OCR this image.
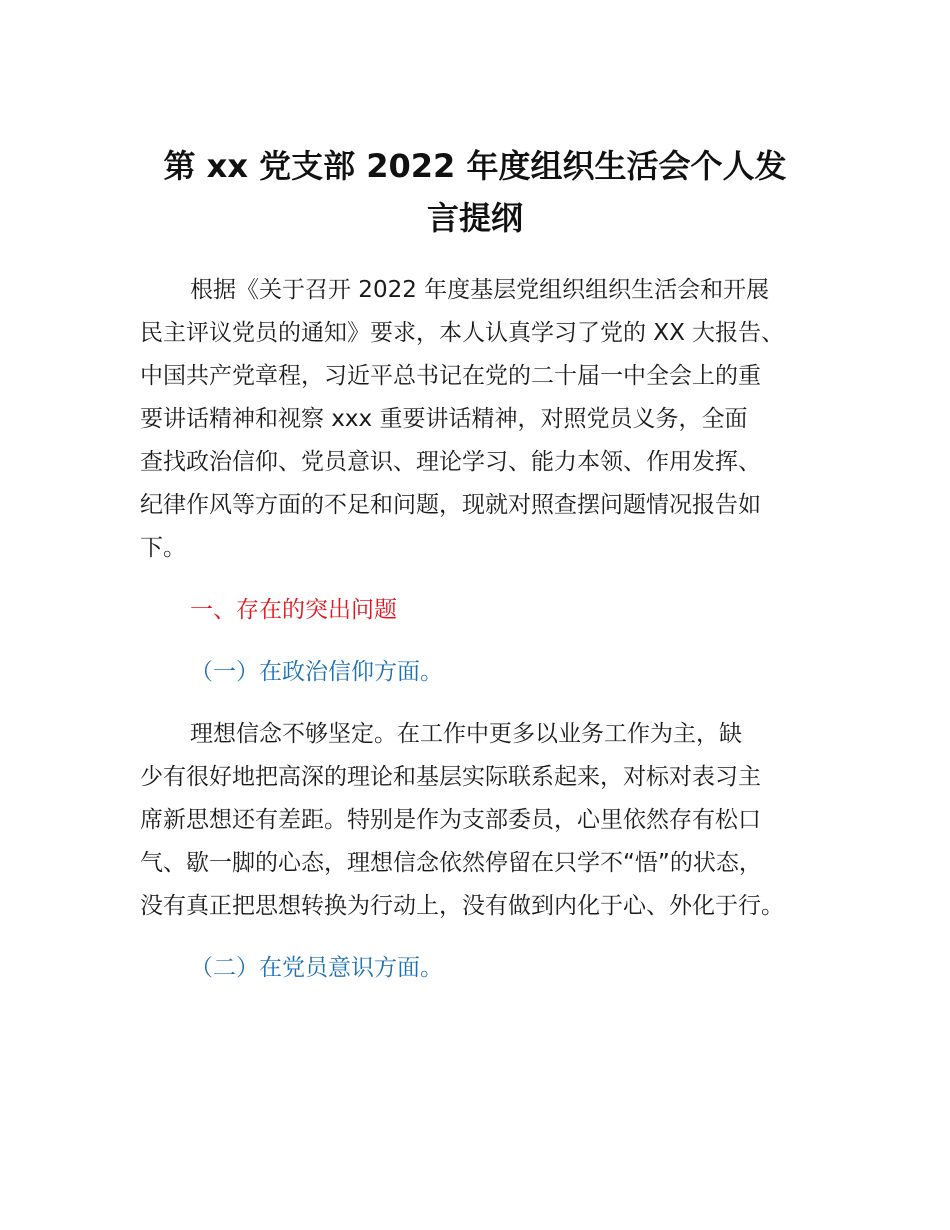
第 xx 党支部 2022 年度组织生活会个人发
言提纲
根据《关于召开 2022 年度基层党组织组织生活会和开展
民主评议党员的通知》要求，本人认真学习了党的 XX 大报告、
中国共产党章程，习近平总书记在党的二十届一中全会上的重
要讲话精神和视察 xxx 重要讲话精神，对照党员义务，全面
查找政治信仰、党员意识、理论学习、能力本领、作用发挥、
纪律作风等方面的不足和问题，现就对照查摆问题情况报告如
下。
一、存在的突出问题
（一）在政治信仰方面。
理想信念不够坚定。在工作中更多以业务工作为主，缺
少有很好地把高深的理论和基层实际联系起来，对标对表习主
席新思想还有差距。特别是作为支部委员，心里依然存有松口
气、歇一脚的心态，理想信念依然停留在只学不“悟”的状态，
没有真正把思想转换为行动上，没有做到内化于心、外化于行。
（二）在党员意识方面。
